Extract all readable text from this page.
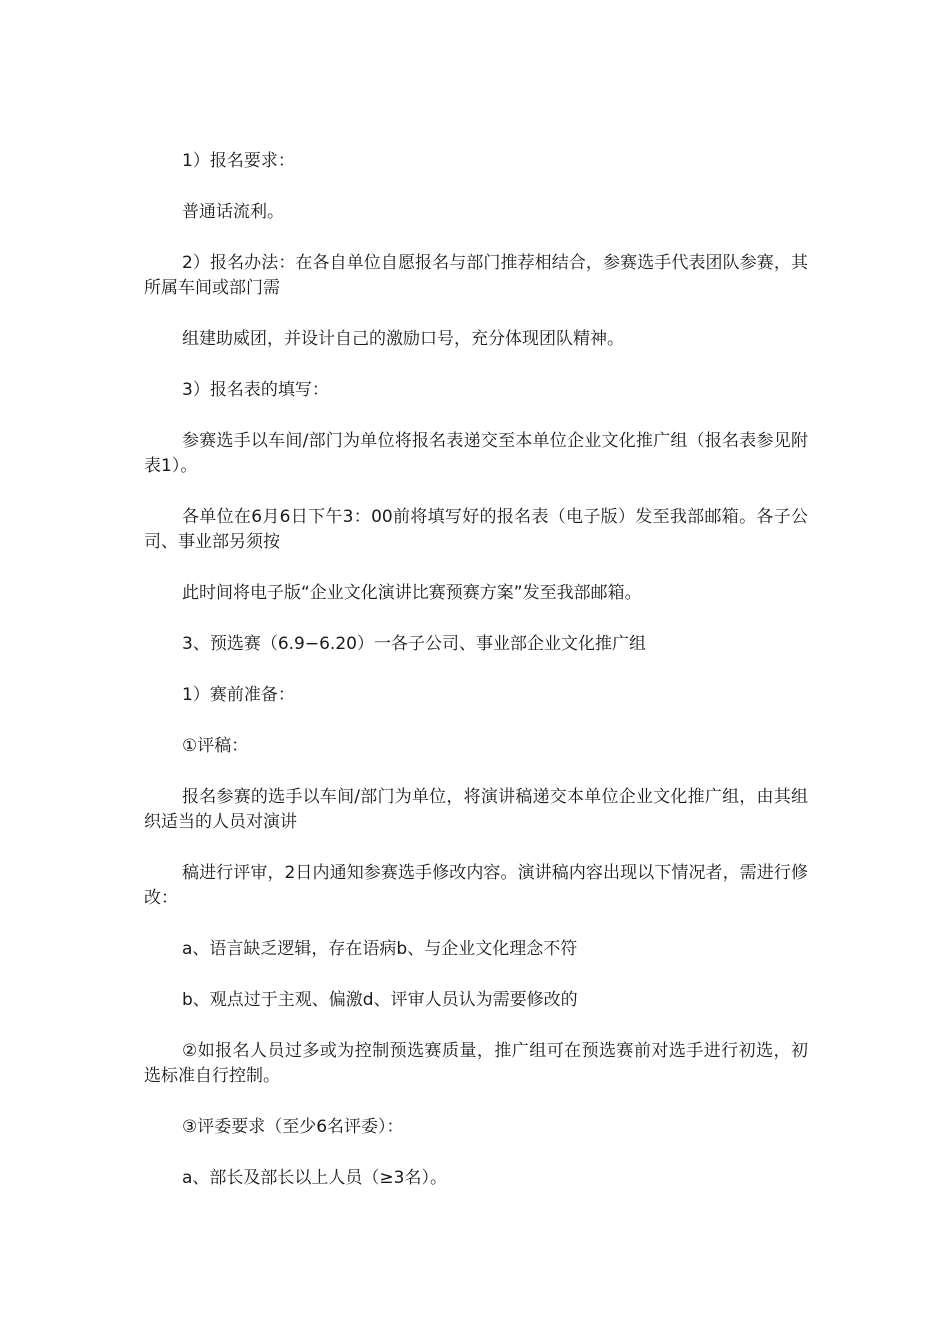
1）报名要求：

普通话流利。

2）报名办法：在各自单位自愿报名与部门推荐相结合，参赛选手代表团队参赛，其所属车间或部门需

组建助威团，并设计自己的激励口号，充分体现团队精神。

3）报名表的填写：

参赛选手以车间/部门为单位将报名表递交至本单位企业文化推广组（报名表参见附表1）。

各单位在6月6日下午3：00前将填写好的报名表（电子版）发至我部邮箱。各子公司、事业部另须按

此时间将电子版“企业文化演讲比赛预赛方案”发至我部邮箱。

3、预选赛（6.9−6.20）一各子公司、事业部企业文化推广组

1）赛前准备：

①评稿：

报名参赛的选手以车间/部门为单位，将演讲稿递交本单位企业文化推广组，由其组织适当的人员对演讲

稿进行评审，2日内通知参赛选手修改内容。演讲稿内容出现以下情况者，需进行修改：

a、语言缺乏逻辑，存在语病b、与企业文化理念不符

b、观点过于主观、偏激d、评审人员认为需要修改的

②如报名人员过多或为控制预选赛质量，推广组可在预选赛前对选手进行初选，初选标准自行控制。

③评委要求（至少6名评委）：

a、部长及部长以上人员（≥3名）。
